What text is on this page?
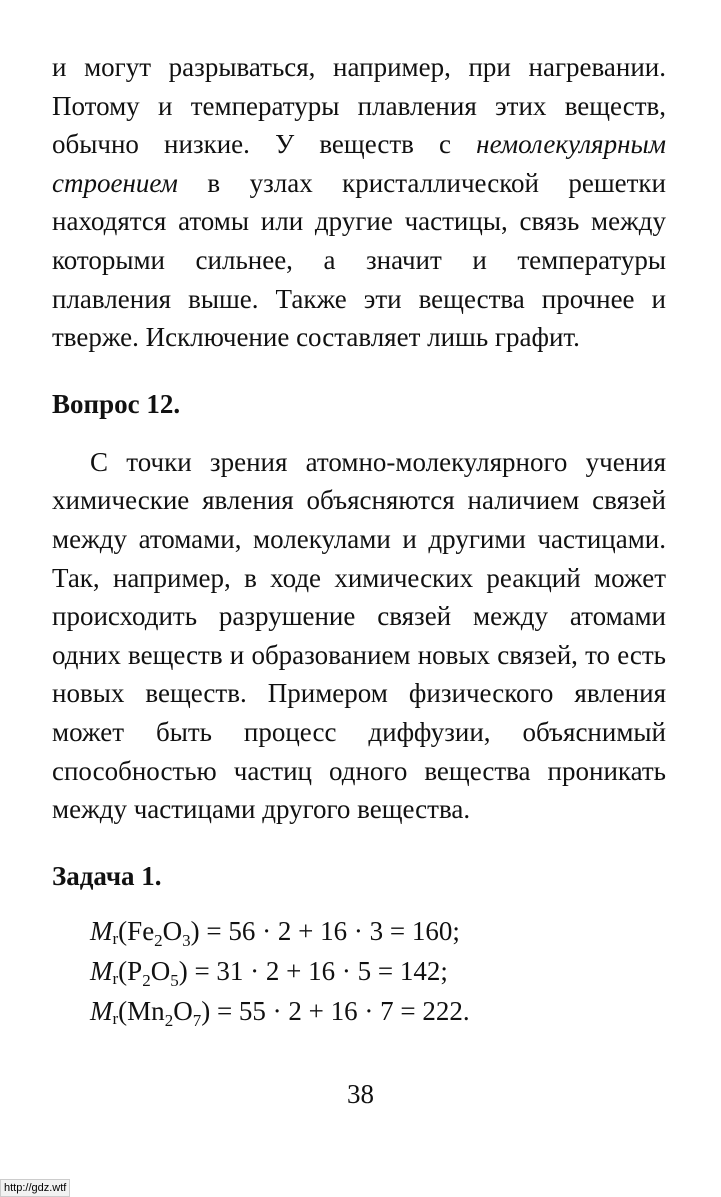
и могут разрываться, например, при нагревании. Потому и температуры плавления этих веществ, обычно низкие. У веществ с немолекулярным строением в узлах кристаллической решетки находятся атомы или другие частицы, связь между которыми сильнее, а значит и температуры плавления выше. Также эти вещества прочнее и тверже. Исключение составляет лишь графит.

Вопрос 12.

С точки зрения атомно-молекулярного учения химические явления объясняются наличием связей между атомами, молекулами и другими частицами. Так, например, в ходе химических реакций может происходить разрушение связей между атомами одних веществ и образованием новых связей, то есть новых веществ. Примером физического явления может быть процесс диффузии, объяснимый способностью частиц одного вещества проникать между частицами другого вещества.

Задача 1.
$Mr(Fe_2O_3) = 56 \cdot 2 + 16 \cdot 3 = 160$;
$Mr(P_2O_5) = 31 \cdot 2 + 16 \cdot 5 = 142$;
$Mr(Mn_2O_7) = 55 \cdot 2 + 16 \cdot 7 = 222$.
38
http://gdz.wtf
